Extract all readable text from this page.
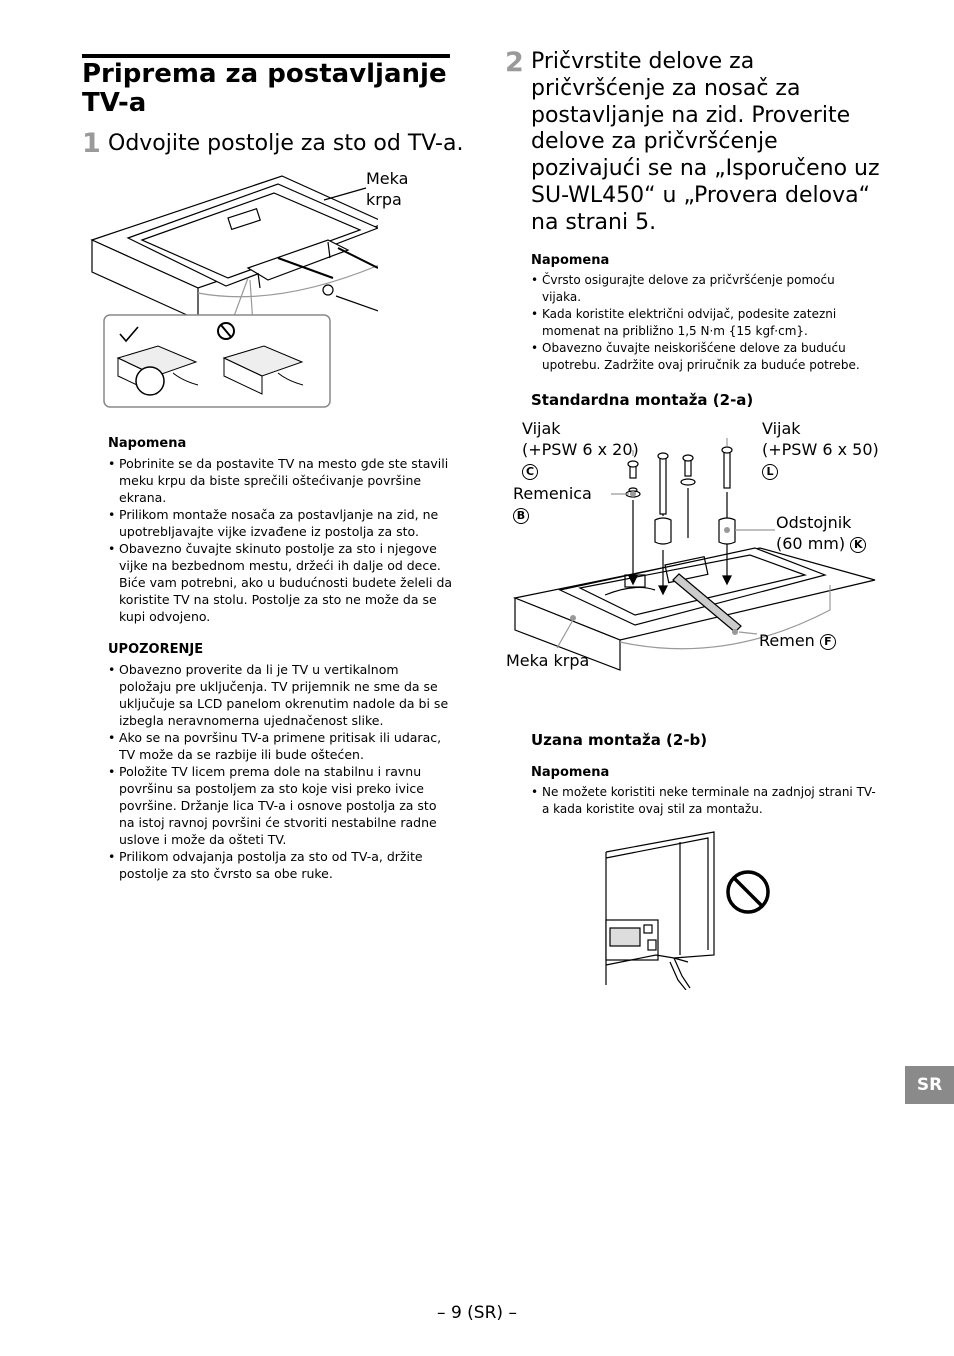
Priprema za postavljanje TV-a
1 Odvojite postolje za sto od TV-a.
Meka
krpa
Napomena
• Pobrinite se da postavite TV na mesto gde ste stavili meku krpu da biste sprečili oštećivanje površine ekrana.
• Prilikom montaže nosača za postavljanje na zid, ne upotrebljavajte vijke izvađene iz postolja za sto.
• Obavezno čuvajte skinuto postolje za sto i njegove vijke na bezbednom mestu, držeći ih dalje od dece. Biće vam potrebni, ako u budućnosti budete želeli da koristite TV na stolu. Postolje za sto ne može da se kupi odvojeno.
UPOZORENJE
• Obavezno proverite da li je TV u vertikalnom položaju pre uključenja. TV prijemnik ne sme da se uključuje sa LCD panelom okrenutim nadole da bi se izbegla neravnomerna ujednačenost slike.
• Ako se na površinu TV-a primene pritisak ili udarac, TV može da se razbije ili bude oštećen.
• Položite TV licem prema dole na stabilnu i ravnu površinu sa postoljem za sto koje visi preko ivice površine. Držanje lica TV-a i osnove postolja za sto na istoj ravnoj površini će stvoriti nestabilne radne uslove i može da ošteti TV.
• Prilikom odvajanja postolja za sto od TV-a, držite postolje za sto čvrsto sa obe ruke.
2 Pričvrstite delove za pričvršćenje za nosač za postavljanje na zid. Proverite delove za pričvršćenje pozivajući se na „Isporučeno uz SU-WL450“ u „Provera delova“ na strani 5.
Napomena
• Čvrsto osigurajte delove za pričvršćenje pomoću vijaka.
• Kada koristite električni odvijač, podesite zatezni momenat na približno 1,5 N·m {15 kgf·cm}.
• Obavezno čuvajte neiskorišćene delove za buduću upotrebu. Zadržite ovaj priručnik za buduće potrebe.
Standardna montaža (2-a)
Vijak
(+PSW 6 x 20)
C
Vijak
(+PSW 6 x 50)
L
Remenica
B	Odstojnik
(60 mm) K
Remen F
Meka krpa
Uzana montaža (2-b)
Napomena
• Ne možete koristiti neke terminale na zadnjoj strani TV-a kada koristite ovaj stil za montažu.
SR
– 9 (SR) –
